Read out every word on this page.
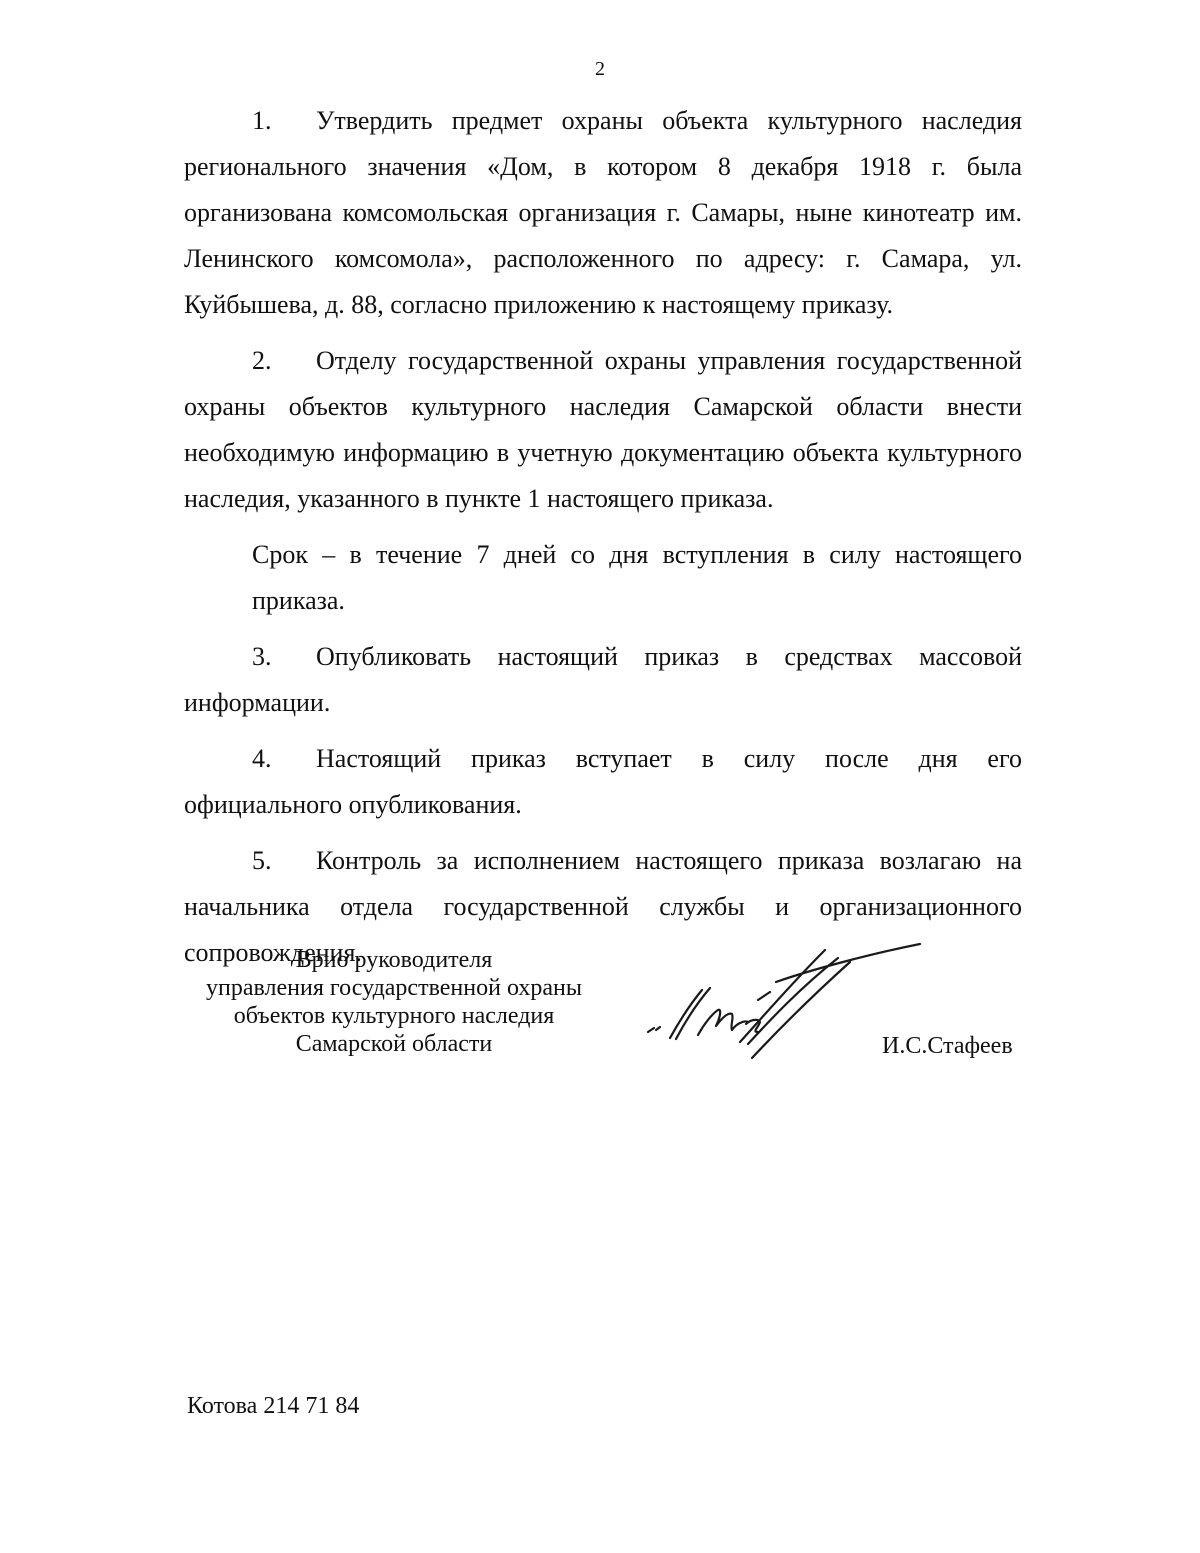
2

1. Утвердить предмет охраны объекта культурного наследия регионального значения «Дом, в котором 8 декабря 1918 г. была организована комсомольская организация г. Самары, ныне кинотеатр им. Ленинского комсомола», расположенного по адресу: г. Самара, ул. Куйбышева, д. 88, согласно приложению к настоящему приказу.

2. Отделу государственной охраны управления государственной охраны объектов культурного наследия Самарской области внести необходимую информацию в учетную документацию объекта культурного наследия, указанного в пункте 1 настоящего приказа.

Срок – в течение 7 дней со дня вступления в силу настоящего приказа.

3. Опубликовать настоящий приказ в средствах массовой информации.

4. Настоящий приказ вступает в силу после дня его официального опубликования.

5. Контроль за исполнением настоящего приказа возлагаю на начальника отдела государственной службы и организационного сопровождения.

Врио руководителя
управления государственной охраны
объектов культурного наследия
Самарской области	И.С.Стафеев
Котова 214 71 84
